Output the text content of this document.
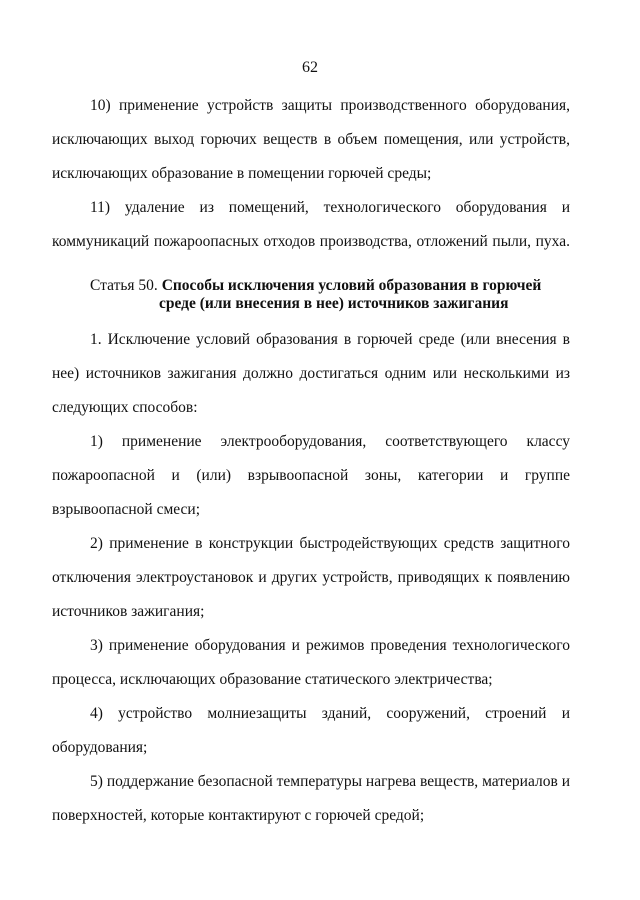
62
10) применение устройств защиты производственного оборудования,
исключающих выход горючих веществ в объем помещения, или устройств,
исключающих образование в помещении горючей среды;
11) удаление из помещений, технологического оборудования и
коммуникаций пожароопасных отходов производства, отложений пыли, пуха.
Статья 50. Способы исключения условий образования в горючей
среде (или внесения в нее) источников зажигания
1. Исключение условий образования в горючей среде (или внесения в
нее) источников зажигания должно достигаться одним или несколькими из
следующих способов:
1) применение электрооборудования, соответствующего классу
пожароопасной и (или) взрывоопасной зоны, категории и группе
взрывоопасной смеси;
2) применение в конструкции быстродействующих средств защитного
отключения электроустановок и других устройств, приводящих к появлению
источников зажигания;
3) применение оборудования и режимов проведения технологического
процесса, исключающих образование статического электричества;
4) устройство молниезащиты зданий, сооружений, строений и
оборудования;
5) поддержание безопасной температуры нагрева веществ, материалов и
поверхностей, которые контактируют с горючей средой;
